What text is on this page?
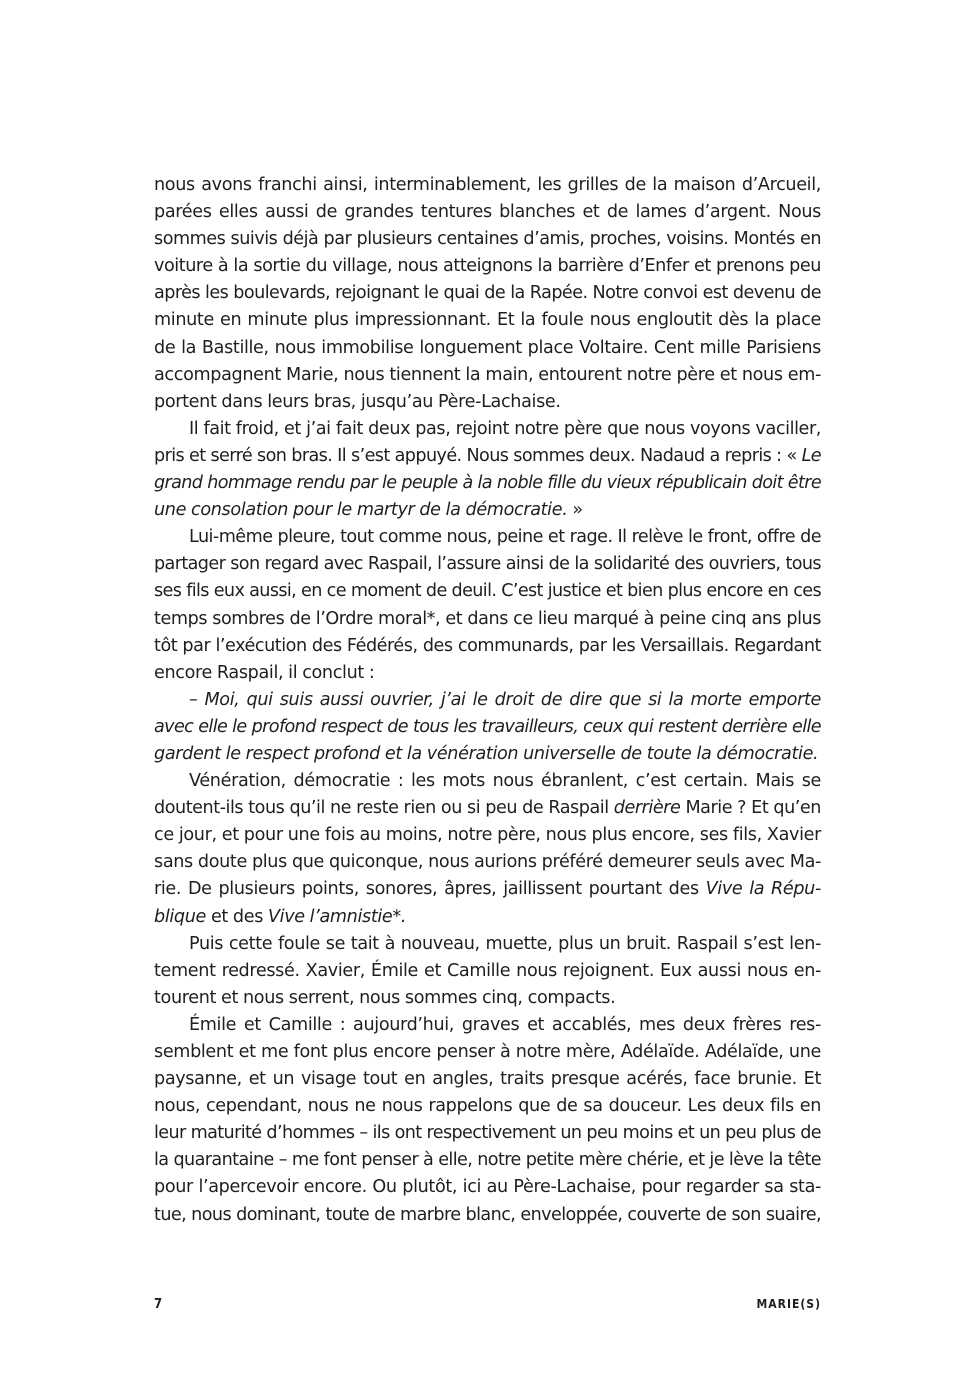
nous avons franchi ainsi, interminablement, les grilles de la maison d’Arcueil,
parées elles aussi de grandes tentures blanches et de lames d’argent. Nous
sommes suivis déjà par plusieurs centaines d’amis, proches, voisins. Montés en
voiture à la sortie du village, nous atteignons la barrière d’Enfer et prenons peu
après les boulevards, rejoignant le quai de la Rapée. Notre convoi est devenu de
minute en minute plus impressionnant. Et la foule nous engloutit dès la place
de la Bastille, nous immobilise longuement place Voltaire. Cent mille Parisiens
accompagnent Marie, nous tiennent la main, entourent notre père et nous em-
portent dans leurs bras, jusqu’au Père-Lachaise.

Il fait froid, et j’ai fait deux pas, rejoint notre père que nous voyons vaciller,
pris et serré son bras. Il s’est appuyé. Nous sommes deux. Nadaud a repris : « Le
grand hommage rendu par le peuple à la noble fille du vieux républicain doit être
une consolation pour le martyr de la démocratie. »

Lui-même pleure, tout comme nous, peine et rage. Il relève le front, offre de
partager son regard avec Raspail, l’assure ainsi de la solidarité des ouvriers, tous
ses fils eux aussi, en ce moment de deuil. C’est justice et bien plus encore en ces
temps sombres de l’Ordre moral*, et dans ce lieu marqué à peine cinq ans plus
tôt par l’exécution des Fédérés, des communards, par les Versaillais. Regardant
encore Raspail, il conclut :

– Moi, qui suis aussi ouvrier, j’ai le droit de dire que si la morte emporte
avec elle le profond respect de tous les travailleurs, ceux qui restent derrière elle
gardent le respect profond et la vénération universelle de toute la démocratie.

Vénération, démocratie : les mots nous ébranlent, c’est certain. Mais se
doutent-ils tous qu’il ne reste rien ou si peu de Raspail derrière Marie ? Et qu’en
ce jour, et pour une fois au moins, notre père, nous plus encore, ses fils, Xavier
sans doute plus que quiconque, nous aurions préféré demeurer seuls avec Ma-
rie. De plusieurs points, sonores, âpres, jaillissent pourtant des Vive la Répu-
blique et des Vive l’amnistie*.

Puis cette foule se tait à nouveau, muette, plus un bruit. Raspail s’est len-
tement redressé. Xavier, Émile et Camille nous rejoignent. Eux aussi nous en-
tourent et nous serrent, nous sommes cinq, compacts.

Émile et Camille : aujourd’hui, graves et accablés, mes deux frères res-
semblent et me font plus encore penser à notre mère, Adélaïde. Adélaïde, une
paysanne, et un visage tout en angles, traits presque acérés, face brunie. Et
nous, cependant, nous ne nous rappelons que de sa douceur. Les deux fils en
leur maturité d’hommes – ils ont respectivement un peu moins et un peu plus de
la quarantaine – me font penser à elle, notre petite mère chérie, et je lève la tête
pour l’apercevoir encore. Ou plutôt, ici au Père-Lachaise, pour regarder sa sta-
tue, nous dominant, toute de marbre blanc, enveloppée, couverte de son suaire,

7	MARIE(S)
